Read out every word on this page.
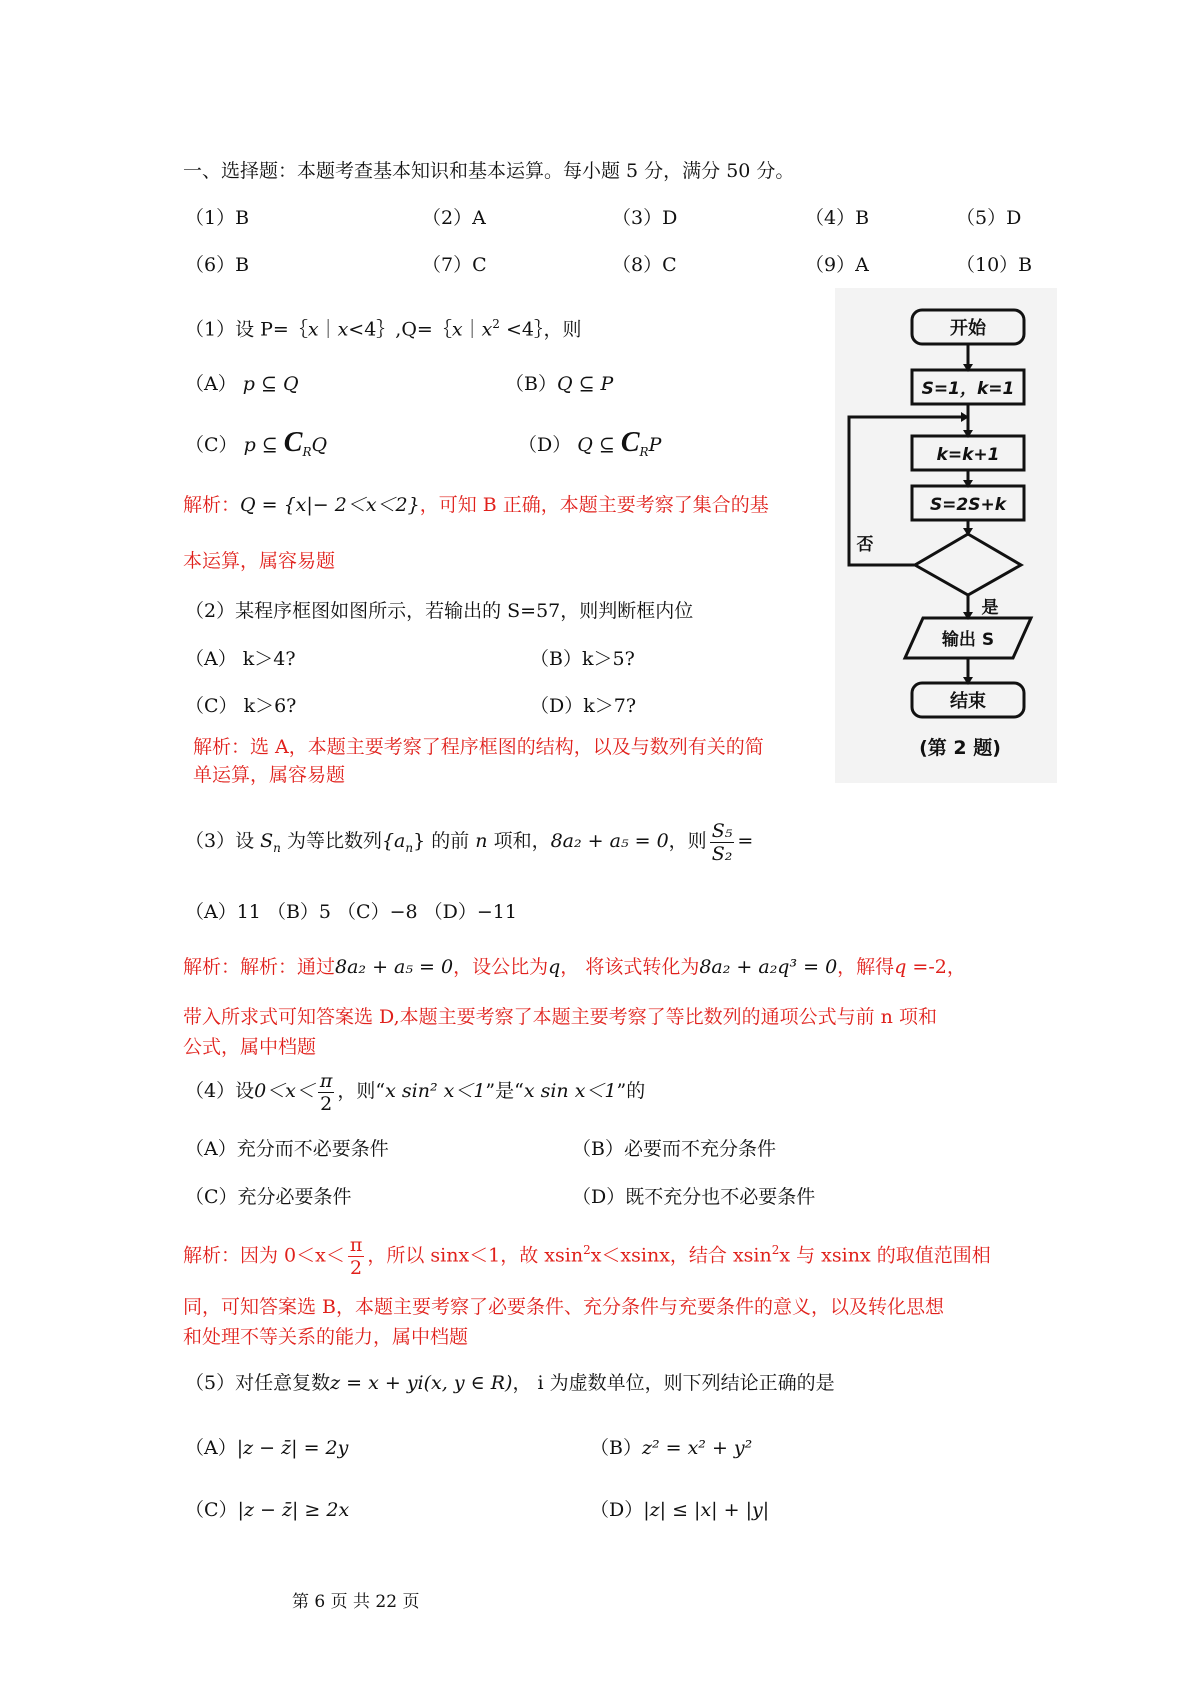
一、选择题：本题考查基本知识和基本运算。每小题 5 分，满分 50 分。
（1）B	（2）A	（3）D	（4）B	（5）D
（6）B	（7）C	（8）C	（9）A	（10）B
（1）设 $P=\{x|x<4\},Q=\{x|x^2$ <4｝，则
（A） p ⊆ Q	（B）Q ⊆ P
（C） p ⊆ $C_RQ$	（D） Q ⊆ $C_RP$
解析：Q = {x|− 2＜x＜2}，可知 B 正确，本题主要考察了集合的基
本运算，属容易题
（2）某程序框图如图所示，若输出的 S=57，则判断框内位
（A） k＞4?	（B）k＞5?
（C） k＞6?	（D）k＞7?
解析：选 A，本题主要考察了程序框图的结构，以及与数列有关的简
单运算，属容易题
开始
S=1，k=1
k=k+1
S=2S+k
否
是
输出 S
结束
(第 2 题)
（3）设 $S_n$ 为等比数列$\{a_n\}$ 的前 n 项和，8a₂ + a₅ = 0，则 $\frac{\text{S₅}}{\text{S₂}}$ =
（A）11 （B）5 （C）−8 （D）−11
解析：解析：通过8a₂ + a₅ = 0，设公比为q， 将该式转化为8a₂ + a₂q³ = 0，解得q =-2，
带入所求式可知答案选 D,本题主要考察了本题主要考察了等比数列的通项公式与前 n 项和
公式，属中档题
（4）设$0<x< \frac{\pi}{2}$ ，则“x sin² x＜1”是“x sin x＜1”的
（A）充分而不必要条件	（B）必要而不充分条件
（C）充分必要条件	（D）既不充分也不必要条件
解析：因为 $0<x< \frac{\pi}{2}$ ，所以 sinx＜1，故 xsin$^2$x＜xsinx，结合 xsin$^2$x 与 xsinx 的取值范围相
同，可知答案选 B，本题主要考察了必要条件、充分条件与充要条件的意义，以及转化思想
和处理不等关系的能力，属中档题
（5）对任意复数z = x + yi(x, y ∈ R)， i 为虚数单位，则下列结论正确的是
（A）|z − z̄| = 2y	（B）z² = x² + y²
（C）|z − z̄| ≥ 2x	（D）|z| ≤ |x| + |y|
第 6 页 共 22 页
